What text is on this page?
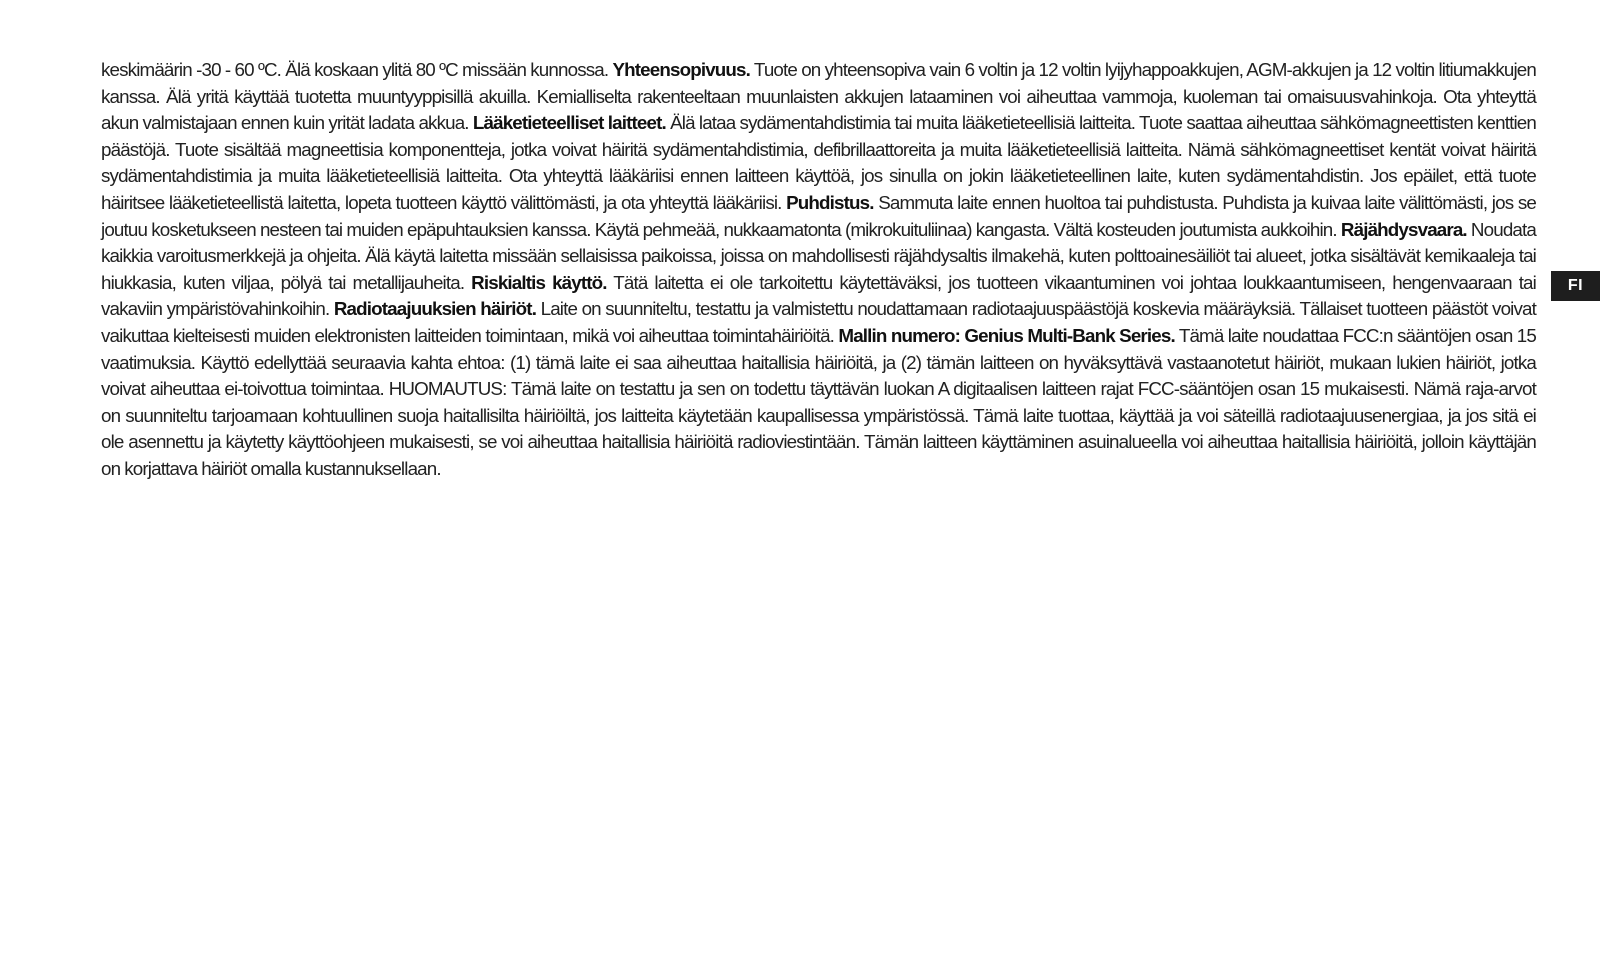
keskimäärin -30 - 60 ºC. Älä koskaan ylitä 80 ºC missään kunnossa. Yhteensopivuus. Tuote on yhteensopiva vain 6 voltin ja 12 voltin lyijyhappoakkujen, AGM-akkujen ja 12 voltin litiumakkujen kanssa. Älä yritä käyttää tuotetta muuntyyppisillä akuilla. Kemialliselta rakenteeltaan muunlaisten akkujen lataaminen voi aiheuttaa vammoja, kuoleman tai omaisuusvahinkoja. Ota yhteyttä akun valmistajaan ennen kuin yrität ladata akkua. Lääketieteelliset laitteet. Älä lataa sydämentahdistimia tai muita lääketieteellisiä laitteita. Tuote saattaa aiheuttaa sähkömagneettisten kenttien päästöjä. Tuote sisältää magneettisia komponentteja, jotka voivat häiritä sydämentahdistimia, defibrillaattoreita ja muita lääketieteellisiä laitteita. Nämä sähkömagneettiset kentät voivat häiritä sydämentahdistimia ja muita lääketieteellisiä laitteita. Ota yhteyttä lääkäriisi ennen laitteen käyttöä, jos sinulla on jokin lääketieteellinen laite, kuten sydämentahdistin. Jos epäilet, että tuote häiritsee lääketieteellistä laitetta, lopeta tuotteen käyttö välittömästi, ja ota yhteyttä lääkäriisi. Puhdistus. Sammuta laite ennen huoltoa tai puhdistusta. Puhdista ja kuivaa laite välittömästi, jos se joutuu kosketukseen nesteen tai muiden epäpuhtauksien kanssa. Käytä pehmeää, nukkaamatonta (mikrokuituliinaa) kangasta. Vältä kosteuden joutumista aukkoihin. Räjähdysvaara. Noudata kaikkia varoitusmerkkejä ja ohjeita. Älä käytä laitetta missään sellaisissa paikoissa, joissa on mahdollisesti räjähdysaltis ilmakehä, kuten polttoainesäiliöt tai alueet, jotka sisältävät kemikaaleja tai hiukkasia, kuten viljaa, pölyä tai metallijauheita. Riskialtis käyttö. Tätä laitetta ei ole tarkoitettu käytettäväksi, jos tuotteen vikaantuminen voi johtaa loukkaantumiseen, hengenvaaraan tai vakaviin ympäristövahinkoihin. Radiotaajuuksien häiriöt. Laite on suunniteltu, testattu ja valmistettu noudattamaan radiotaajuuspäästöjä koskevia määräyksiä. Tällaiset tuotteen päästöt voivat vaikuttaa kielteisesti muiden elektronisten laitteiden toimintaan, mikä voi aiheuttaa toimintahäiriöitä. Mallin numero: Genius Multi-Bank Series. Tämä laite noudattaa FCC:n sääntöjen osan 15 vaatimuksia. Käyttö edellyttää seuraavia kahta ehtoa: (1) tämä laite ei saa aiheuttaa haitallisia häiriöitä, ja (2) tämän laitteen on hyväksyttävä vastaanotetut häiriöt, mukaan lukien häiriöt, jotka voivat aiheuttaa ei-toivottua toimintaa. HUOMAUTUS: Tämä laite on testattu ja sen on todettu täyttävän luokan A digitaalisen laitteen rajat FCC-sääntöjen osan 15 mukaisesti. Nämä raja-arvot on suunniteltu tarjoamaan kohtuullinen suoja haitallisilta häiriöiltä, jos laitteita käytetään kaupallisessa ympäristössä. Tämä laite tuottaa, käyttää ja voi säteillä radiotaajuusenergiaa, ja jos sitä ei ole asennettu ja käytetty käyttöohjeen mukaisesti, se voi aiheuttaa haitallisia häiriöitä radioviestintään. Tämän laitteen käyttäminen asuinalueella voi aiheuttaa haitallisia häiriöitä, jolloin käyttäjän on korjattava häiriöt omalla kustannuksellaan.

FI
